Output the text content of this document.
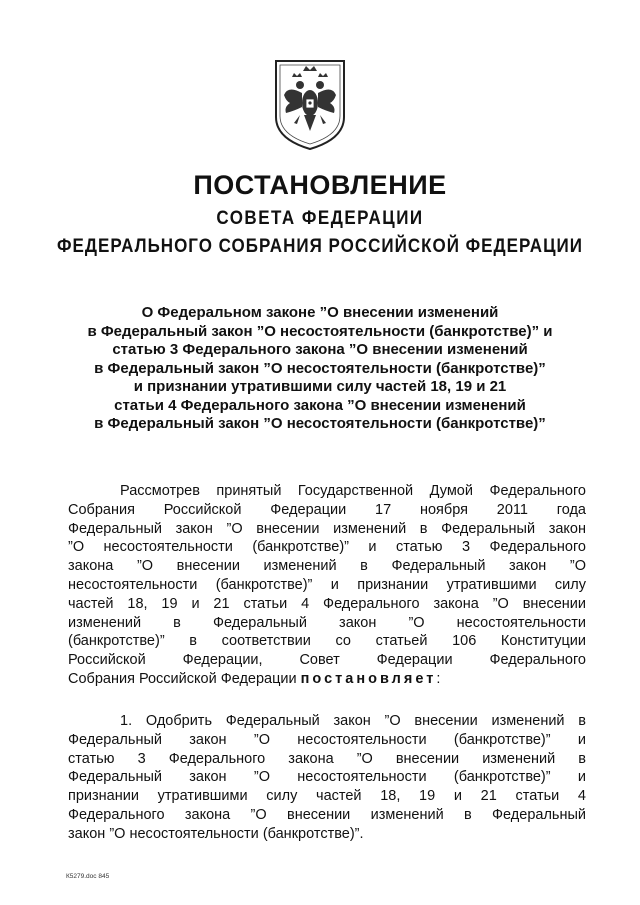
ПОСТАНОВЛЕНИЕ
СОВЕТА ФЕДЕРАЦИИ
ФЕДЕРАЛЬНОГО СОБРАНИЯ РОССИЙСКОЙ ФЕДЕРАЦИИ
О Федеральном законе ”О внесении изменений
в Федеральный закон ”О несостоятельности (банкротстве)” и
статью 3 Федерального закона ”О внесении изменений
в Федеральный закон ”О несостоятельности (банкротстве)”
и признании утратившими силу частей 18, 19 и 21
статьи 4 Федерального закона ”О внесении изменений
в Федеральный закон ”О несостоятельности (банкротстве)”
Рассмотрев принятый Государственной Думой Федерального
Собрания Российской Федерации 17 ноября 2011 года
Федеральный закон ”О внесении изменений в Федеральный закон
”О несостоятельности (банкротстве)” и статью 3 Федерального
закона ”О внесении изменений в Федеральный закон ”О
несостоятельности (банкротстве)” и признании утратившими силу
частей 18, 19 и 21 статьи 4 Федерального закона ”О внесении
изменений в Федеральный закон ”О несостоятельности
(банкротстве)” в соответствии со статьей 106 Конституции
Российской Федерации, Совет Федерации Федерального
Собрания Российской Федерации постановляет:
1. Одобрить Федеральный закон ”О внесении изменений в
Федеральный закон ”О несостоятельности (банкротстве)” и
статью 3 Федерального закона ”О внесении изменений в
Федеральный закон ”О несостоятельности (банкротстве)” и
признании утратившими силу частей 18, 19 и 21 статьи 4
Федерального закона ”О внесении изменений в Федеральный
закон ”О несостоятельности (банкротстве)”.
К5279.doc 845
